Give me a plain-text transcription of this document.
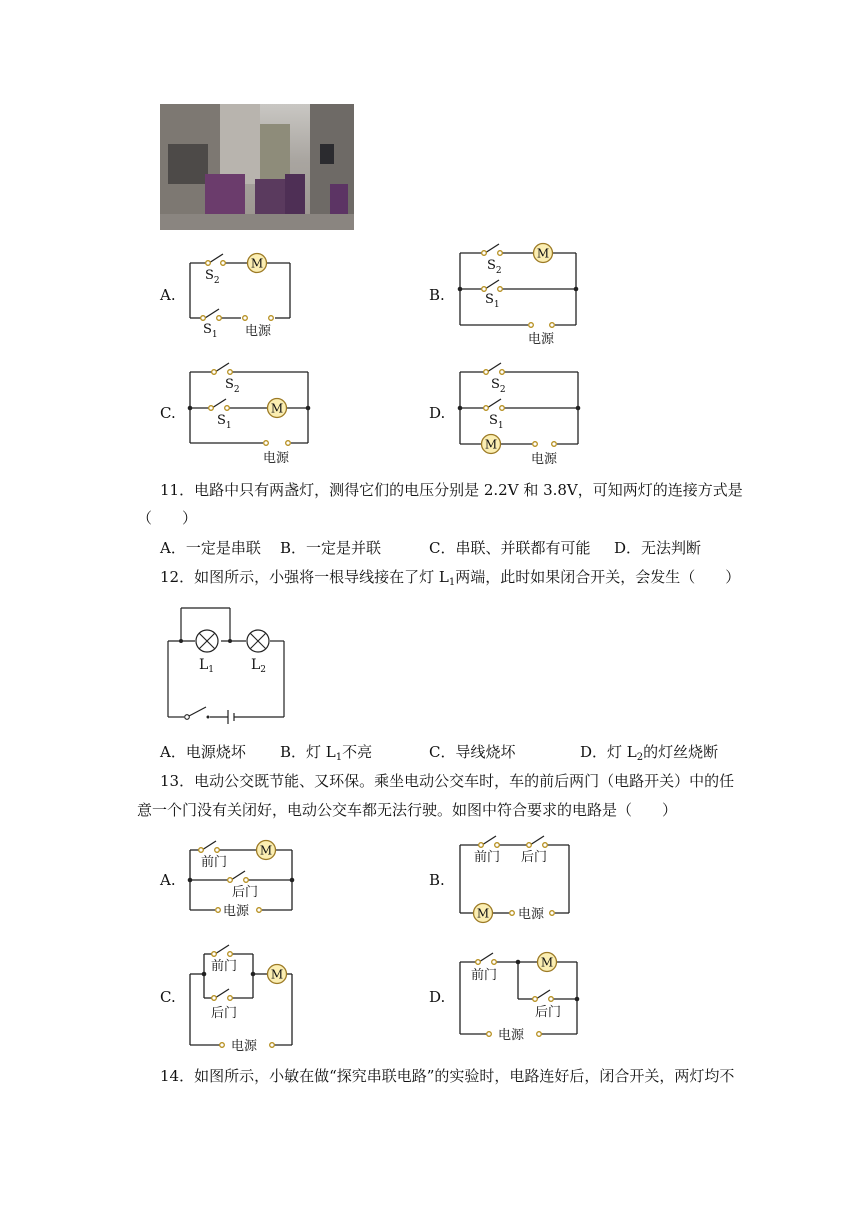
A.
M
$S_2$
$S_1$ 电源
B.
M
$S_2$
$S_1$
电源
C.	M
$S_2$
$S_1$
电源
D.
M
$S_2$
$S_1$
电源
11．电路中只有两盏灯，测得它们的电压分别是 2.2V 和 3.8V，可知两灯的连接方式是
（　　）
A．一定是串联 B．一定是并联	C．串联、并联都有可能 D．无法判断
12．如图所示，小强将一根导线接在了灯 $L_1$两端，此时如果闭合开关，会发生（　　）
$L_1$	$L_2$
A．电源烧坏 B．灯 $L_1$不亮	C．导线烧坏	D．灯 $L_2$的灯丝烧断
13．电动公交既节能、又环保。乘坐电动公交车时，车的前后两门（电路开关）中的任
意一个门没有关闭好，电动公交车都无法行驶。如图中符合要求的电路是（　　）
A.
M
前门
后门
电源
B.
M
前门 后门
电源
C.
M
前门
后门
电源
D.
M
前门
后门
电源
14．如图所示，小敏在做“探究串联电路”的实验时，电路连好后，闭合开关，两灯均不
